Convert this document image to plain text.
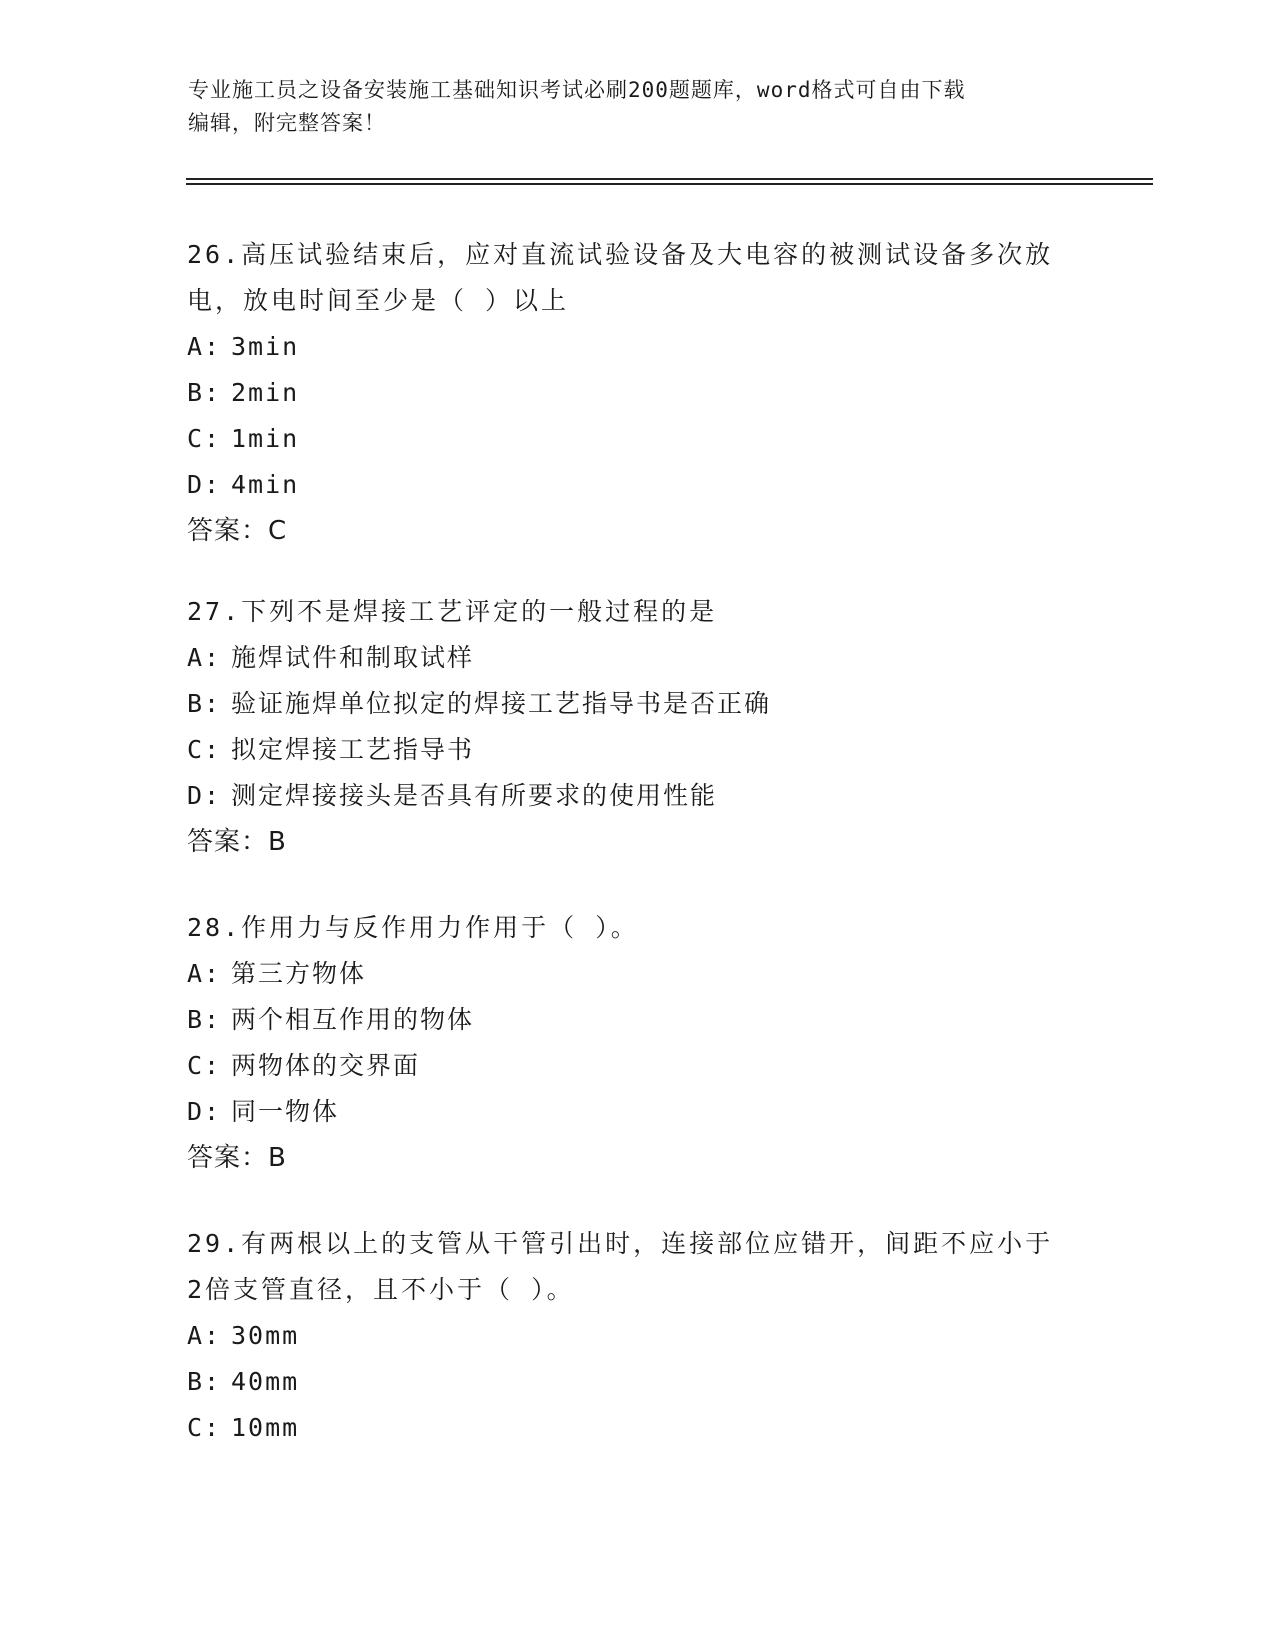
专业施工员之设备安装施工基础知识考试必刷200题题库，word格式可自由下载
编辑，附完整答案！
26.高压试验结束后，应对直流试验设备及大电容的被测试设备多次放
电，放电时间至少是（ ）以上
A: 3min
B: 2min
C: 1min
D: 4min
答案：C
27.下列不是焊接工艺评定的一般过程的是
A: 施焊试件和制取试样
B: 验证施焊单位拟定的焊接工艺指导书是否正确
C: 拟定焊接工艺指导书
D: 测定焊接接头是否具有所要求的使用性能
答案：B
28.作用力与反作用力作用于（ ）。
A: 第三方物体
B: 两个相互作用的物体
C: 两物体的交界面
D: 同一物体
答案：B
29.有两根以上的支管从干管引出时，连接部位应错开，间距不应小于
2倍支管直径，且不小于（ ）。
A: 30mm
B: 40mm
C: 10mm
